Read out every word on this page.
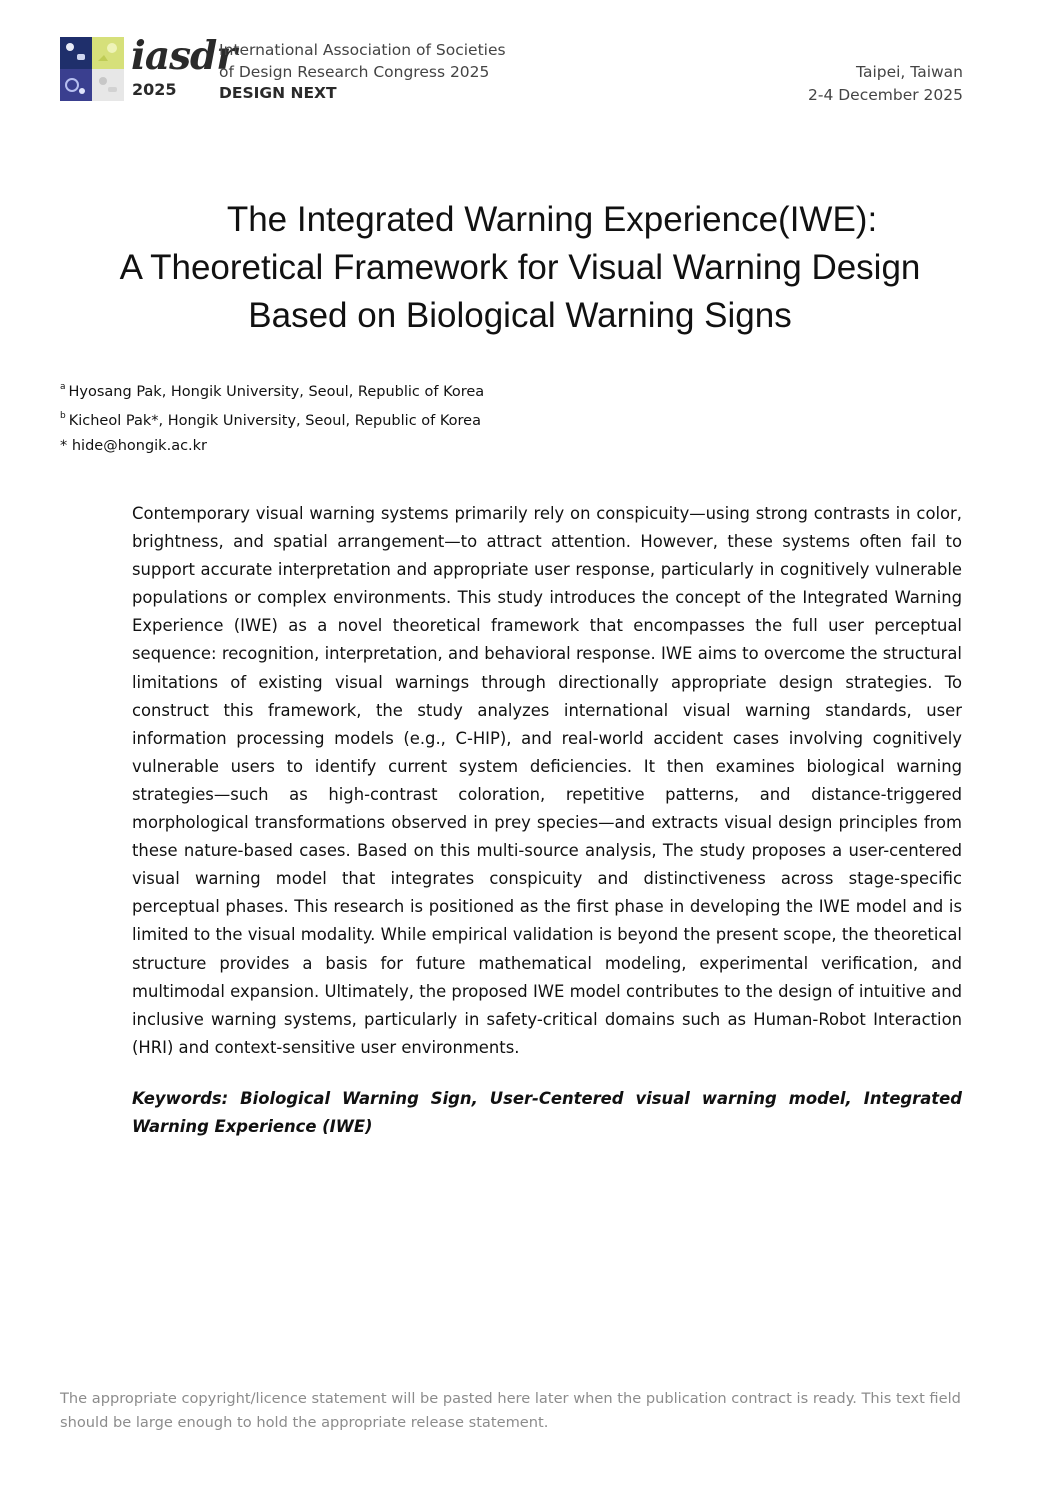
iasdr
2025
International Association of Societies
of Design Research Congress 2025
DESIGN NEXT
Taipei, Taiwan
2-4 December 2025
The Integrated Warning Experience(IWE):
A Theoretical Framework for Visual Warning Design
Based on Biological Warning Signs
$^a$ Hyosang Pak, Hongik University, Seoul, Republic of Korea
$^b$ Kicheol Pak*, Hongik University, Seoul, Republic of Korea
* hide@hongik.ac.kr
Contemporary visual warning systems primarily rely on conspicuity—using strong contrasts in color, brightness, and spatial arrangement—to attract attention. However, these systems often fail to support accurate interpretation and appropriate user response, particularly in cognitively vulnerable populations or complex environments. This study introduces the concept of the Integrated Warning Experience (IWE) as a novel theoretical framework that encompasses the full user perceptual sequence: recognition, interpretation, and behavioral response. IWE aims to overcome the structural limitations of existing visual warnings through directionally appropriate design strategies. To construct this framework, the study analyzes international visual warning standards, user information processing models (e.g., C-HIP), and real-world accident cases involving cognitively vulnerable users to identify current system deficiencies. It then examines biological warning strategies—such as high-contrast coloration, repetitive patterns, and distance-triggered morphological transformations observed in prey species—and extracts visual design principles from these nature-based cases. Based on this multi-source analysis, The study proposes a user-centered visual warning model that integrates conspicuity and distinctiveness across stage-specific perceptual phases. This research is positioned as the first phase in developing the IWE model and is limited to the visual modality. While empirical validation is beyond the present scope, the theoretical structure provides a basis for future mathematical modeling, experimental verification, and multimodal expansion. Ultimately, the proposed IWE model contributes to the design of intuitive and inclusive warning systems, particularly in safety-critical domains such as Human-Robot Interaction (HRI) and context-sensitive user environments.
Keywords: Biological Warning Sign, User-Centered visual warning model, Integrated Warning Experience (IWE)
The appropriate copyright/licence statement will be pasted here later when the publication contract is ready. This text field should be large enough to hold the appropriate release statement.
